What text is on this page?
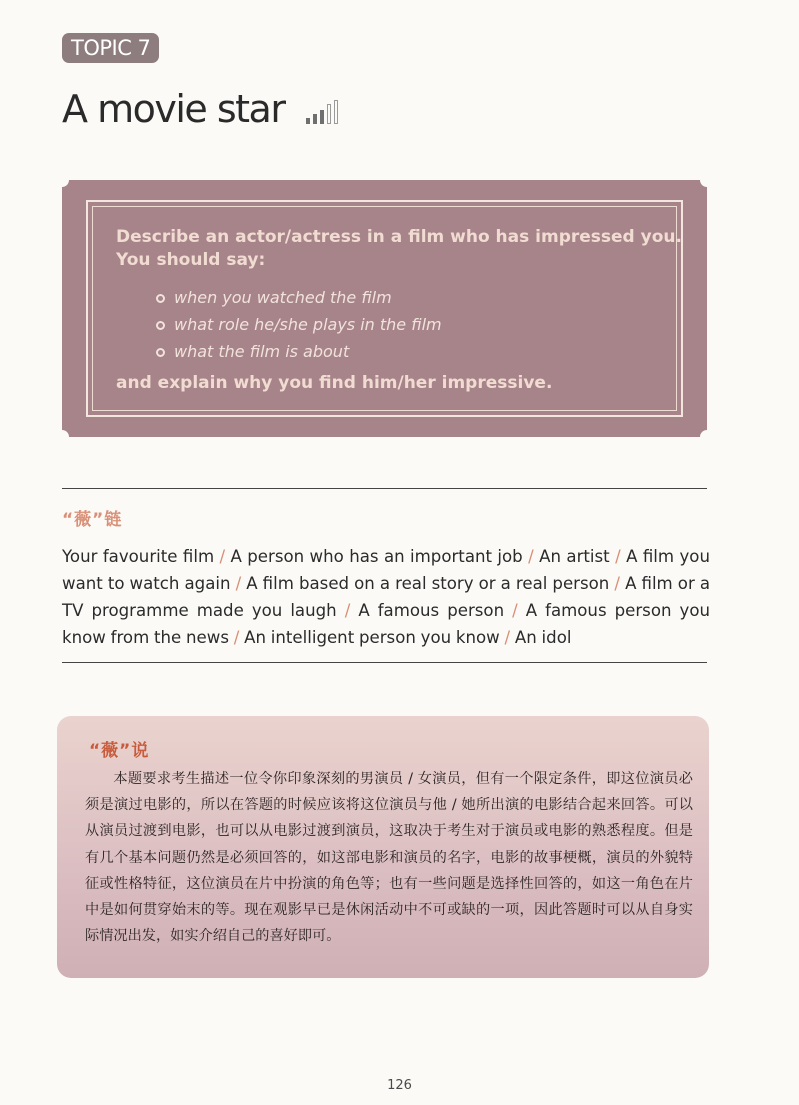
TOPIC 7
A movie star
Describe an actor/actress in a film who has impressed you.
You should say:
when you watched the film
what role he/she plays in the film
what the film is about
and explain why you find him/her impressive.
“薇”链
Your favourite film / A person who has an important job / An artist / A film you want to watch again / A film based on a real story or a real person / A film or a TV programme made you laugh / A famous person / A famous person you know from the news / An intelligent person you know / An idol
“薇”说
本题要求考生描述一位令你印象深刻的男演员 / 女演员，但有一个限定条件，即这位演员必须是演过电影的，所以在答题的时候应该将这位演员与他 / 她所出演的电影结合起来回答。可以从演员过渡到电影，也可以从电影过渡到演员，这取决于考生对于演员或电影的熟悉程度。但是有几个基本问题仍然是必须回答的，如这部电影和演员的名字，电影的故事梗概，演员的外貌特征或性格特征，这位演员在片中扮演的角色等；也有一些问题是选择性回答的，如这一角色在片中是如何贯穿始末的等。现在观影早已是休闲活动中不可或缺的一项，因此答题时可以从自身实际情况出发，如实介绍自己的喜好即可。
126
